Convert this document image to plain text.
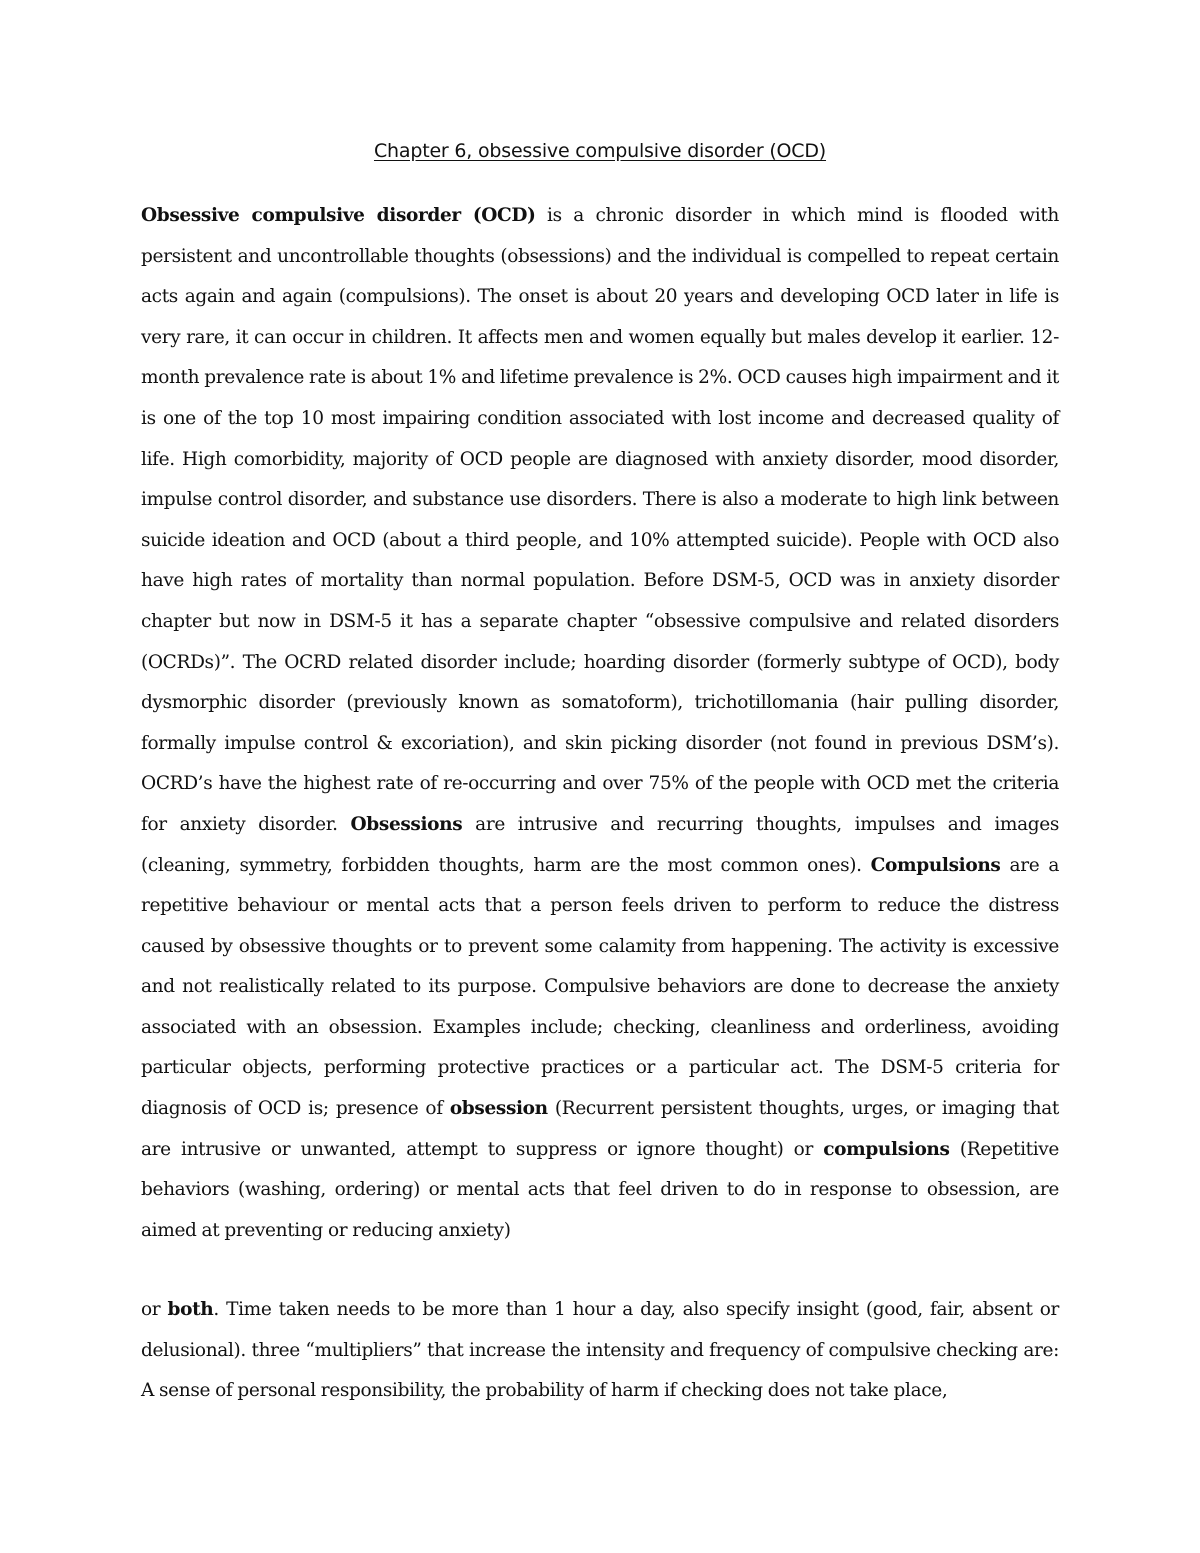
Chapter 6, obsessive compulsive disorder (OCD)

Obsessive compulsive disorder (OCD) is a chronic disorder in which mind is flooded with persistent and uncontrollable thoughts (obsessions) and the individual is compelled to repeat certain acts again and again (compulsions). The onset is about 20 years and developing OCD later in life is very rare, it can occur in children. It affects men and women equally but males develop it earlier. 12-month prevalence rate is about 1% and lifetime prevalence is 2%. OCD causes high impairment and it is one of the top 10 most impairing condition associated with lost income and decreased quality of life. High comorbidity, majority of OCD people are diagnosed with anxiety disorder, mood disorder, impulse control disorder, and substance use disorders. There is also a moderate to high link between suicide ideation and OCD (about a third people, and 10% attempted suicide). People with OCD also have high rates of mortality than normal population. Before DSM-5, OCD was in anxiety disorder chapter but now in DSM-5 it has a separate chapter “obsessive compulsive and related disorders (OCRDs)”. The OCRD related disorder include; hoarding disorder (formerly subtype of OCD), body dysmorphic disorder (previously known as somatoform), trichotillomania (hair pulling disorder, formally impulse control & excoriation), and skin picking disorder (not found in previous DSM’s). OCRD’s have the highest rate of re-occurring and over 75% of the people with OCD met the criteria for anxiety disorder. Obsessions are intrusive and recurring thoughts, impulses and images (cleaning, symmetry, forbidden thoughts, harm are the most common ones). Compulsions are a repetitive behaviour or mental acts that a person feels driven to perform to reduce the distress caused by obsessive thoughts or to prevent some calamity from happening. The activity is excessive and not realistically related to its purpose. Compulsive behaviors are done to decrease the anxiety associated with an obsession. Examples include; checking, cleanliness and orderliness, avoiding particular objects, performing protective practices or a particular act. The DSM-5 criteria for diagnosis of OCD is; presence of obsession (Recurrent persistent thoughts, urges, or imaging that are intrusive or unwanted, attempt to suppress or ignore thought) or compulsions (Repetitive behaviors (washing, ordering) or mental acts that feel driven to do in response to obsession, are aimed at preventing or reducing anxiety)

or both. Time taken needs to be more than 1 hour a day, also specify insight (good, fair, absent or delusional). three “multipliers” that increase the intensity and frequency of compulsive checking are: A sense of personal responsibility, the probability of harm if checking does not take place,
